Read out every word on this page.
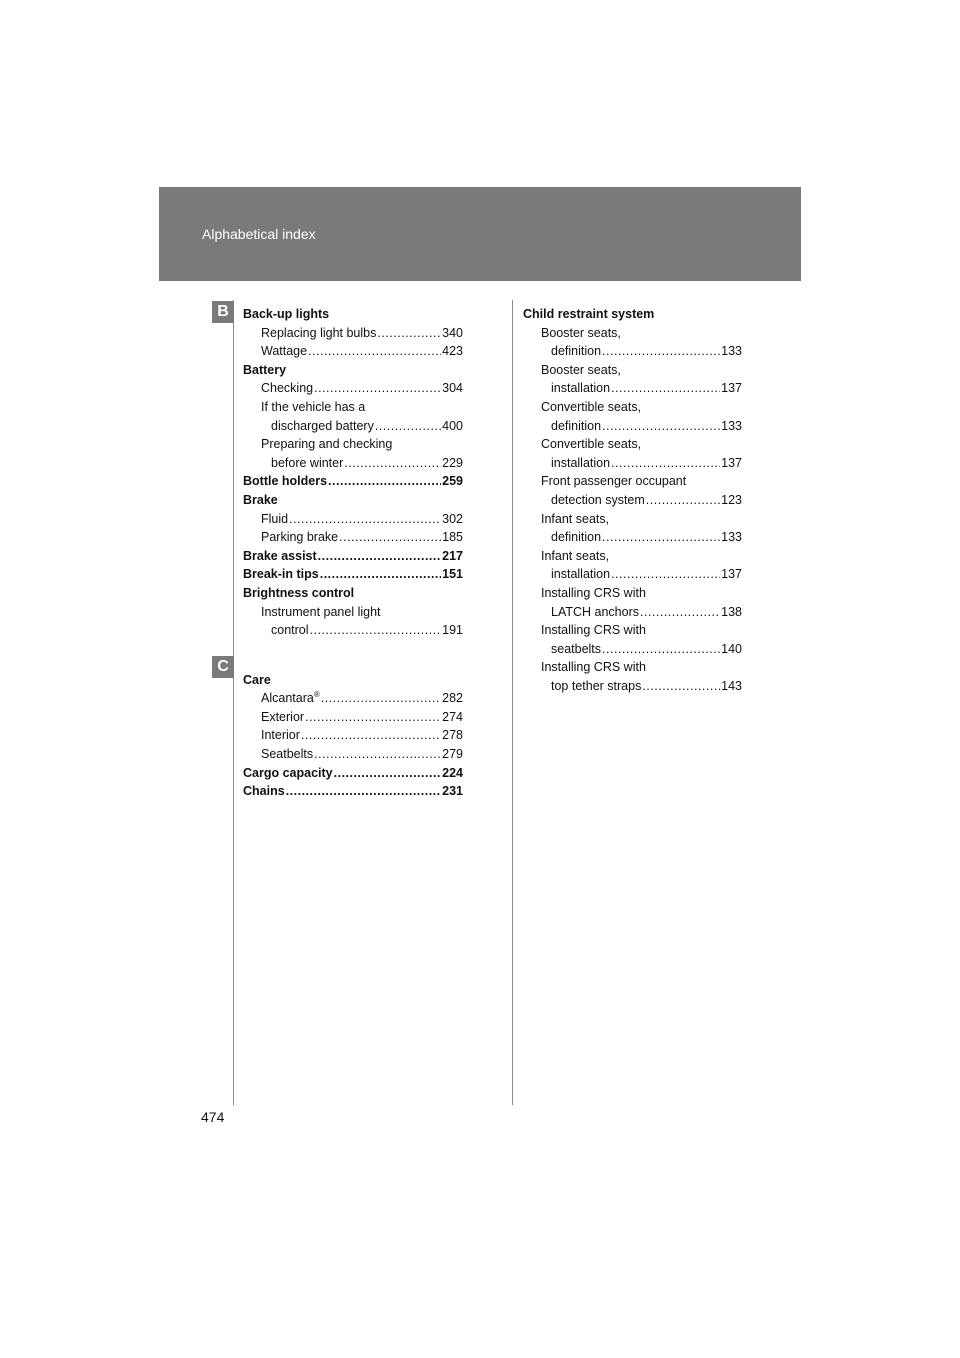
Alphabetical index
B
C
Back-up lights
Replacing light bulbs .....	340
Wattage .....	423
Battery
Checking .....	304
If the vehicle has a
discharged battery .....	400
Preparing and checking
before winter .....	229
Bottle holders .....	259
Brake
Fluid .....	302
Parking brake .....	185
Brake assist .....	217
Break-in tips .....	151
Brightness control
Instrument panel light
control .....	191
Care
Alcantara® .....	282
Exterior .....	274
Interior .....	278
Seatbelts .....	279
Cargo capacity .....	224
Chains .....	231
Child restraint system
Booster seats,
definition .....	133
Booster seats,
installation .....	137
Convertible seats,
definition .....	133
Convertible seats,
installation .....	137
Front passenger occupant
detection system .....	123
Infant seats,
definition .....	133
Infant seats,
installation .....	137
Installing CRS with
LATCH anchors .....	138
Installing CRS with
seatbelts .....	140
Installing CRS with
top tether straps .....	143
474
